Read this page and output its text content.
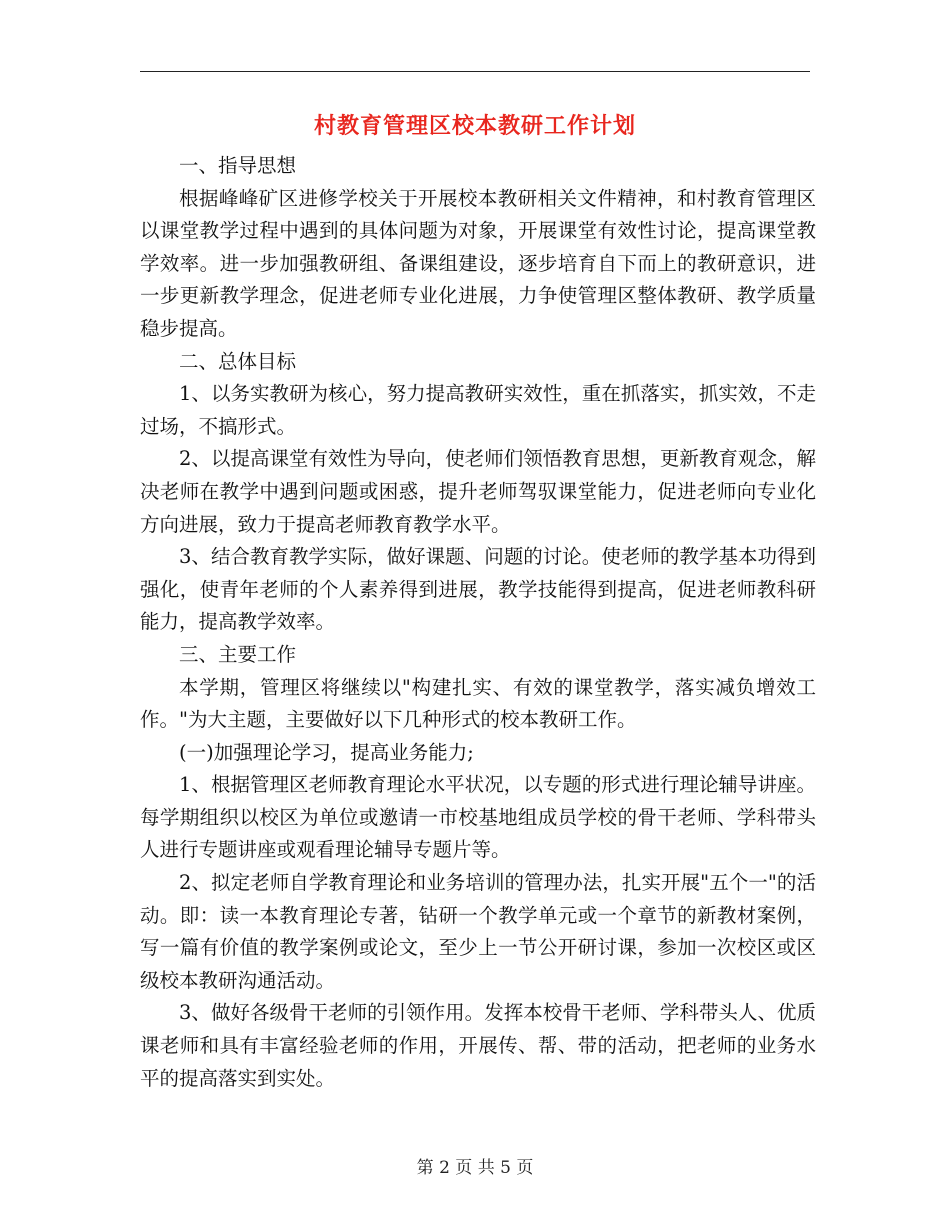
村教育管理区校本教研工作计划

一、指导思想

根据峰峰矿区进修学校关于开展校本教研相关文件精神，和村教育管理区以课堂教学过程中遇到的具体问题为对象，开展课堂有效性讨论，提高课堂教学效率。进一步加强教研组、备课组建设，逐步培育自下而上的教研意识，进一步更新教学理念，促进老师专业化进展，力争使管理区整体教研、教学质量稳步提高。

二、总体目标

1、以务实教研为核心，努力提高教研实效性，重在抓落实，抓实效，不走过场，不搞形式。

2、以提高课堂有效性为导向，使老师们领悟教育思想，更新教育观念，解决老师在教学中遇到问题或困惑，提升老师驾驭课堂能力，促进老师向专业化方向进展，致力于提高老师教育教学水平。

3、结合教育教学实际，做好课题、问题的讨论。使老师的教学基本功得到强化，使青年老师的个人素养得到进展，教学技能得到提高，促进老师教科研能力，提高教学效率。

三、主要工作

本学期，管理区将继续以"构建扎实、有效的课堂教学，落实减负增效工作。"为大主题，主要做好以下几种形式的校本教研工作。

(一)加强理论学习，提高业务能力;

1、根据管理区老师教育理论水平状况，以专题的形式进行理论辅导讲座。每学期组织以校区为单位或邀请一市校基地组成员学校的骨干老师、学科带头人进行专题讲座或观看理论辅导专题片等。

2、拟定老师自学教育理论和业务培训的管理办法，扎实开展"五个一"的活动。即：读一本教育理论专著，钻研一个教学单元或一个章节的新教材案例，写一篇有价值的教学案例或论文，至少上一节公开研讨课，参加一次校区或区级校本教研沟通活动。

3、做好各级骨干老师的引领作用。发挥本校骨干老师、学科带头人、优质课老师和具有丰富经验老师的作用，开展传、帮、带的活动，把老师的业务水平的提高落实到实处。

第 2 页 共 5 页
